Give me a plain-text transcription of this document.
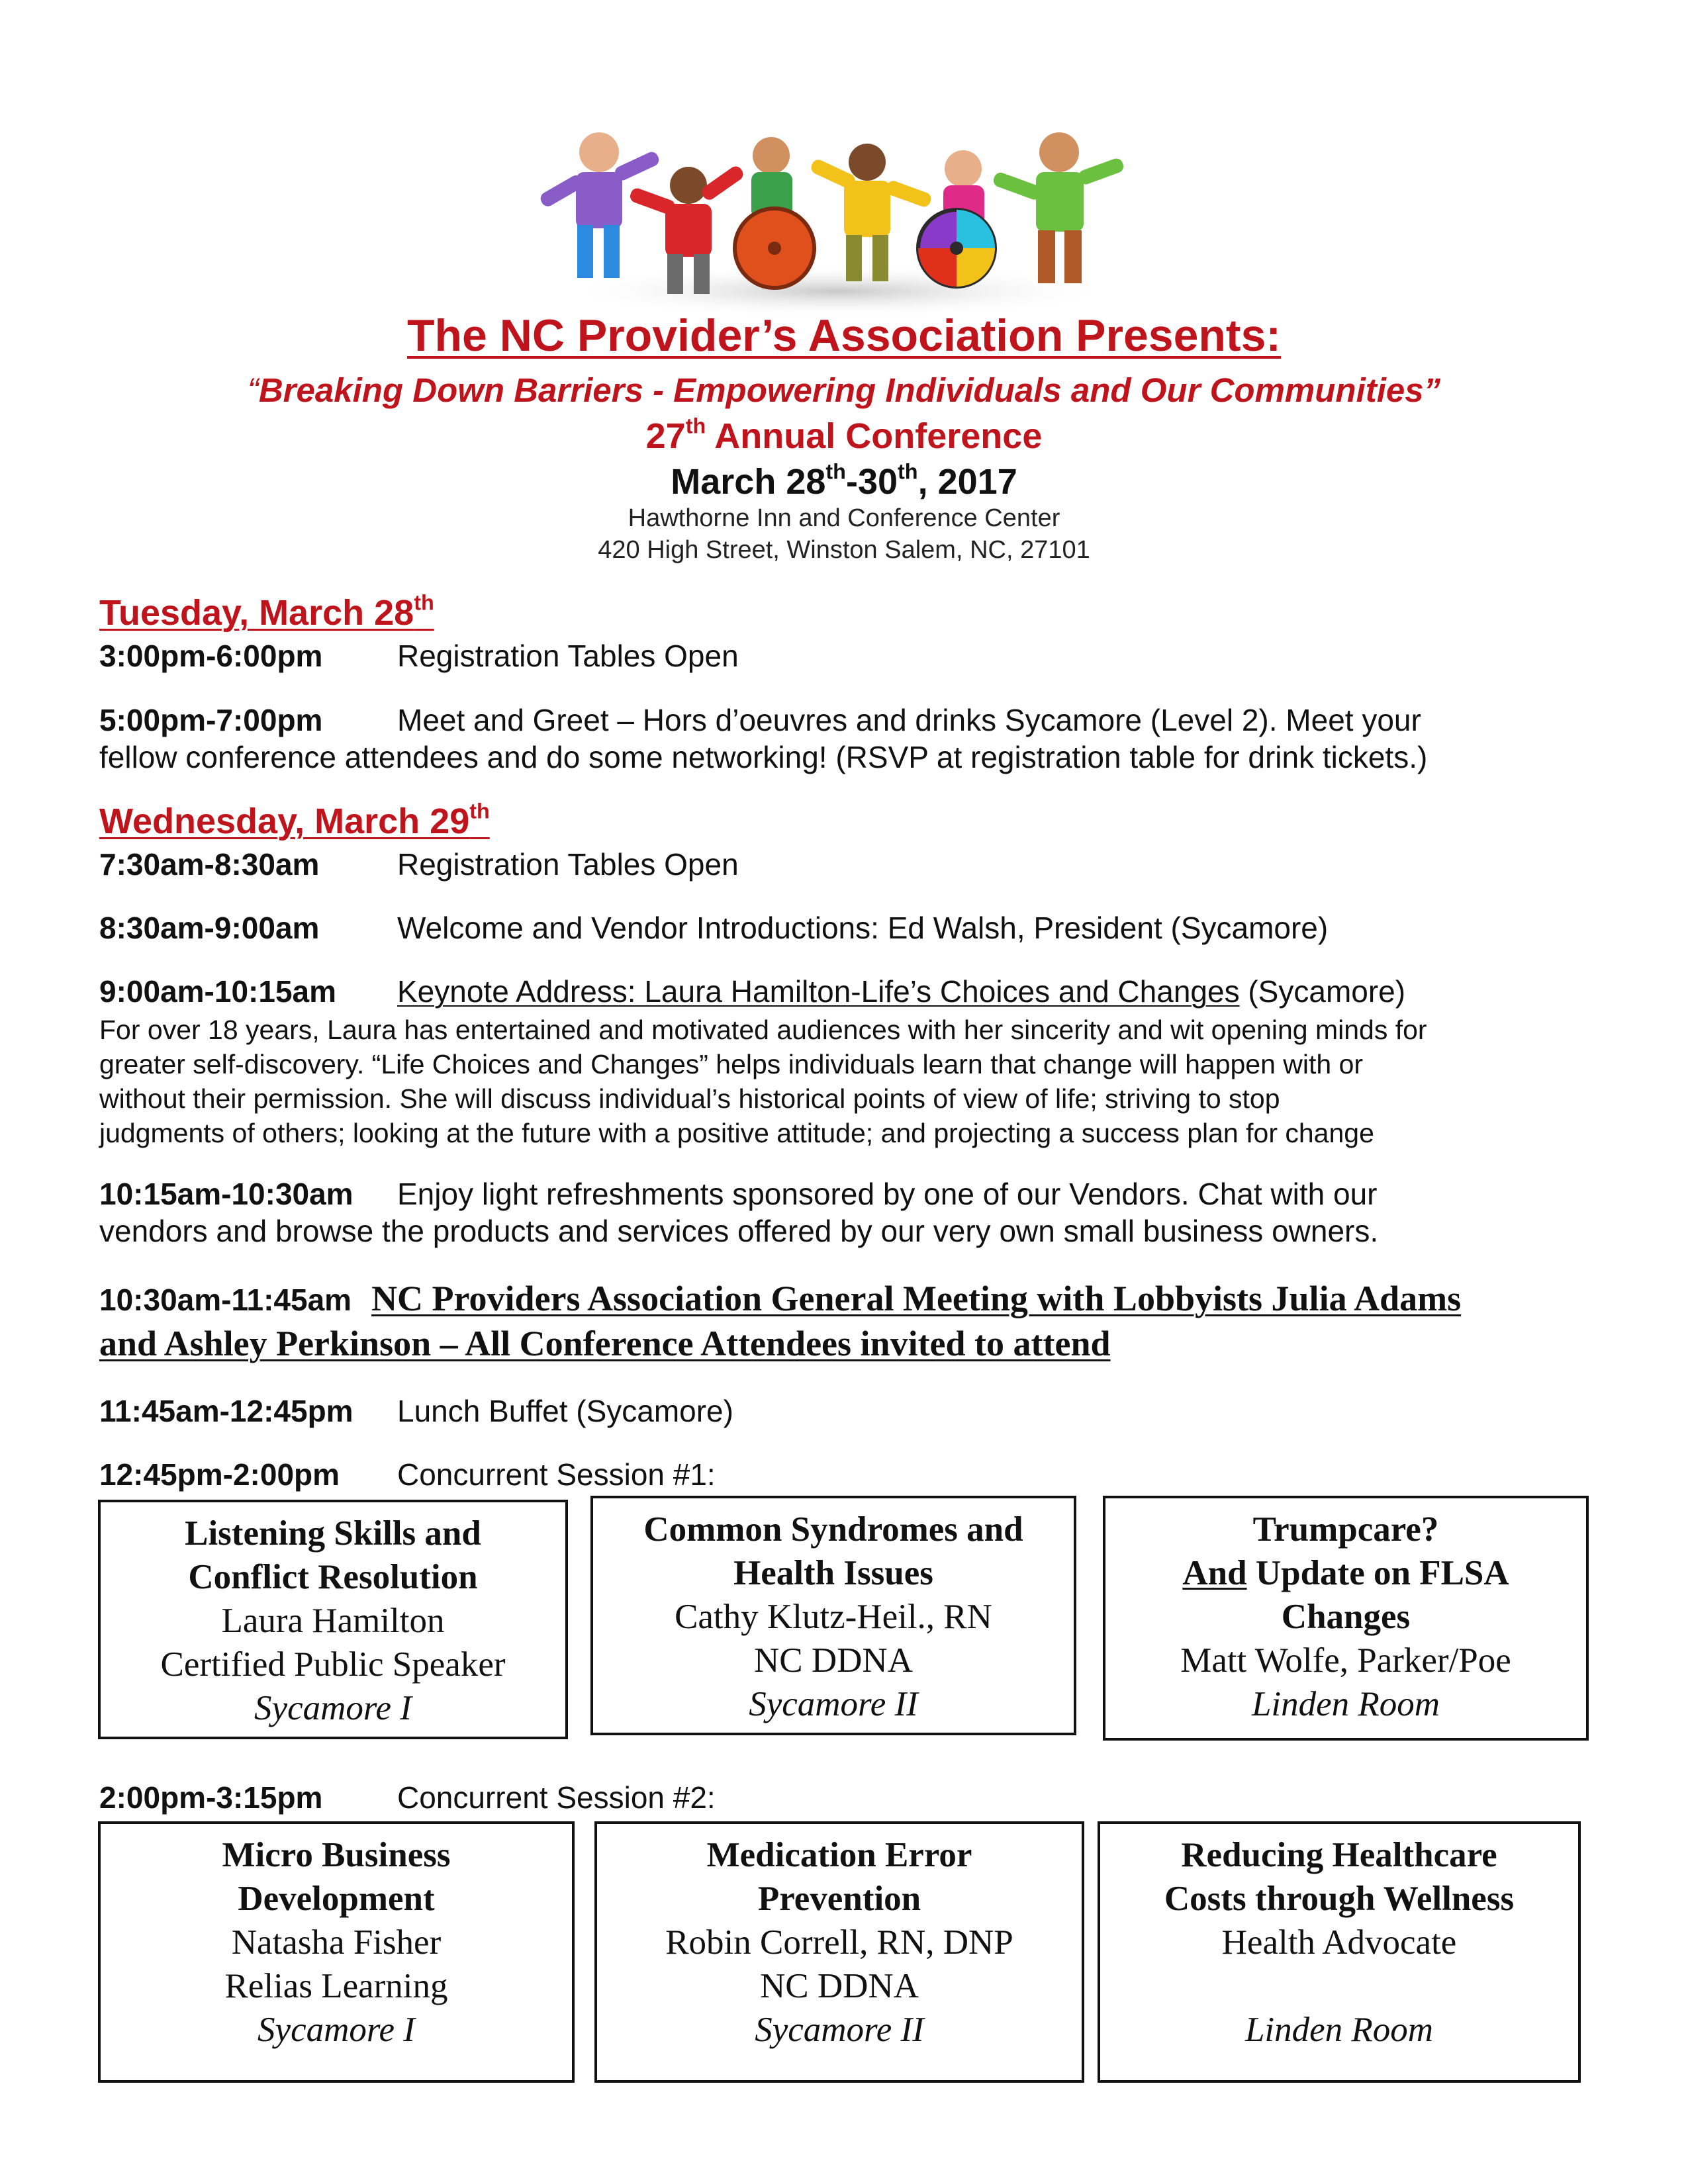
The NC Provider’s Association Presents:
“Breaking Down Barriers - Empowering Individuals and Our Communities”
27th Annual Conference
March 28th-30th, 2017
Hawthorne Inn and Conference Center
420 High Street, Winston Salem, NC, 27101
Tuesday, March 28th
3:00pm-6:00pm Registration Tables Open
5:00pm-7:00pm Meet and Greet – Hors d’oeuvres and drinks Sycamore (Level 2). Meet your
fellow conference attendees and do some networking! (RSVP at registration table for drink tickets.)
Wednesday, March 29th
7:30am-8:30am	Registration Tables Open
8:30am-9:00am	Welcome and Vendor Introductions: Ed Walsh, President (Sycamore)
9:00am-10:15am Keynote Address: Laura Hamilton-Life’s Choices and Changes (Sycamore)
For over 18 years, Laura has entertained and motivated audiences with her sincerity and wit opening minds for
greater self-discovery. “Life Choices and Changes” helps individuals learn that change will happen with or
without their permission. She will discuss individual’s historical points of view of life; striving to stop
judgments of others; looking at the future with a positive attitude; and projecting a success plan for change
10:15am-10:30am Enjoy light refreshments sponsored by one of our Vendors. Chat with our
vendors and browse the products and services offered by our very own small business owners.
10:30am-11:45am NC Providers Association General Meeting with Lobbyists Julia Adams
and Ashley Perkinson – All Conference Attendees invited to attend
11:45am-12:45pm Lunch Buffet (Sycamore)
12:45pm-2:00pm Concurrent Session #1:
Listening Skills and
Conflict Resolution
Laura Hamilton
Certified Public Speaker
Sycamore I
Common Syndromes and
Health Issues
Cathy Klutz-Heil., RN
NC DDNA
Sycamore II
Trumpcare?
And Update on FLSA
Changes
Matt Wolfe, Parker/Poe
Linden Room
2:00pm-3:15pm Concurrent Session #2:
Micro Business
Development
Natasha Fisher
Relias Learning
Sycamore I
Medication Error
Prevention
Robin Correll, RN, DNP
NC DDNA
Sycamore II
Reducing Healthcare
Costs through Wellness
Health Advocate
Linden Room
